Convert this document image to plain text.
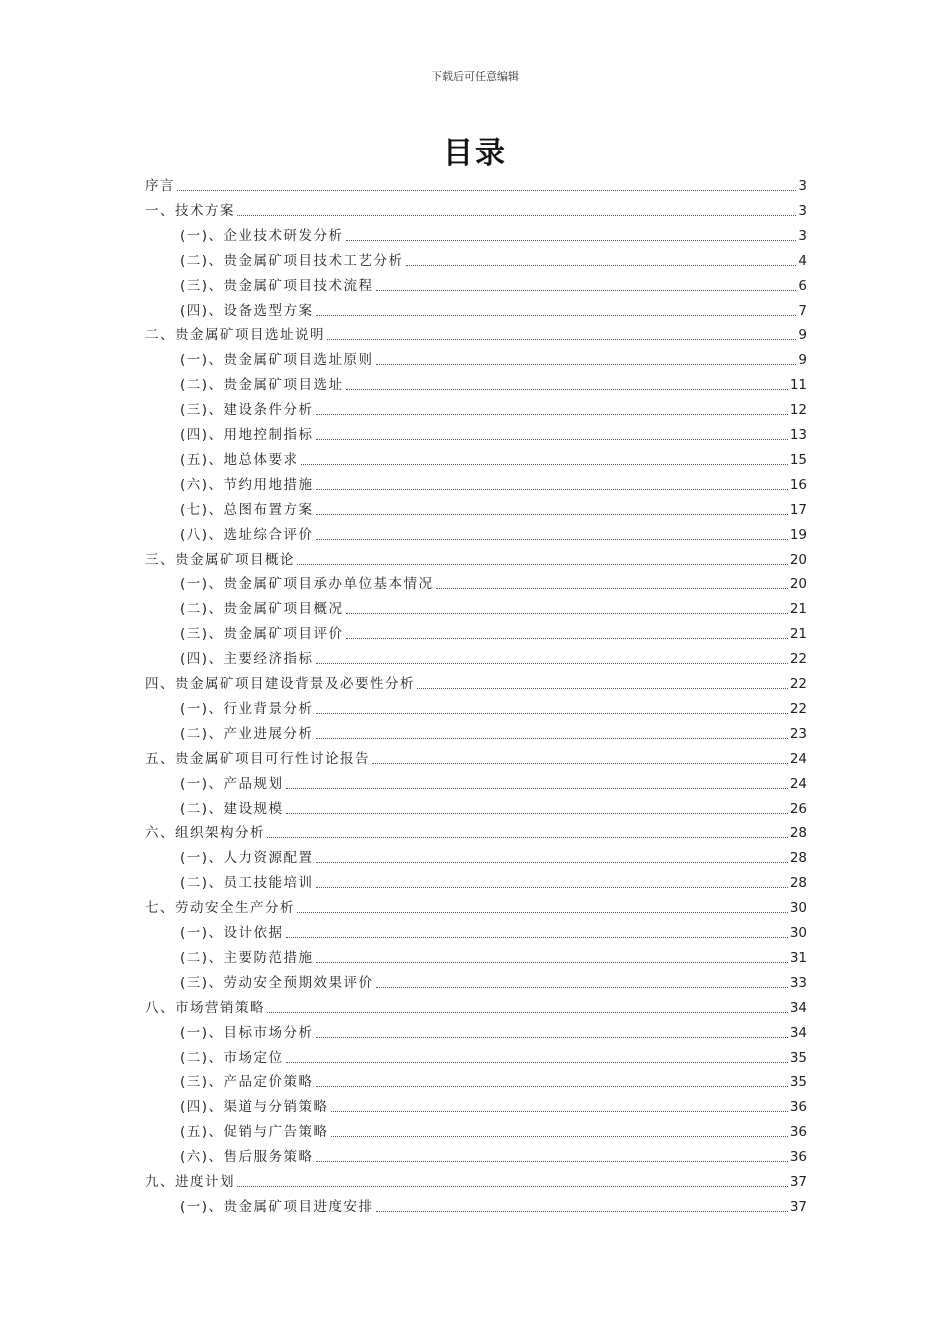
下载后可任意编辑
目录
序言	3
一、技术方案	3
(一)、企业技术研发分析	3
(二)、贵金属矿项目技术工艺分析	4
(三)、贵金属矿项目技术流程	6
(四)、设备选型方案	7
二、贵金属矿项目选址说明	9
(一)、贵金属矿项目选址原则	9
(二)、贵金属矿项目选址	11
(三)、建设条件分析	12
(四)、用地控制指标	13
(五)、地总体要求	15
(六)、节约用地措施	16
(七)、总图布置方案	17
(八)、选址综合评价	19
三、贵金属矿项目概论	20
(一)、贵金属矿项目承办单位基本情况	20
(二)、贵金属矿项目概况	21
(三)、贵金属矿项目评价	21
(四)、主要经济指标	22
四、贵金属矿项目建设背景及必要性分析	22
(一)、行业背景分析	22
(二)、产业进展分析	23
五、贵金属矿项目可行性讨论报告	24
(一)、产品规划	24
(二)、建设规模	26
六、组织架构分析	28
(一)、人力资源配置	28
(二)、员工技能培训	28
七、劳动安全生产分析	30
(一)、设计依据	30
(二)、主要防范措施	31
(三)、劳动安全预期效果评价	33
八、市场营销策略	34
(一)、目标市场分析	34
(二)、市场定位	35
(三)、产品定价策略	35
(四)、渠道与分销策略	36
(五)、促销与广告策略	36
(六)、售后服务策略	36
九、进度计划	37
(一)、贵金属矿项目进度安排	37
